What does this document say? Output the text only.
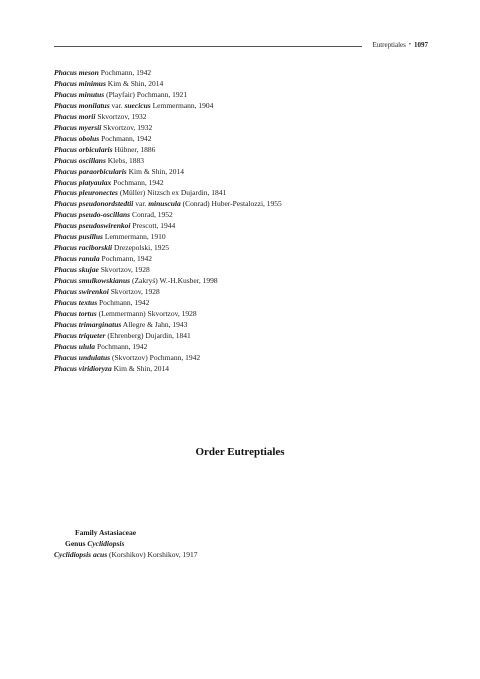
Eutreptiales • 1097
Phacus meson Pochmann, 1942
Phacus minimus Kim & Shin, 2014
Phacus minutus (Playfair) Pochmann, 1921
Phacus monilatus var. suecicus Lemmermann, 1904
Phacus morii Skvortzov, 1932
Phacus myersii Skvortzov, 1932
Phacus obolus Pochmann, 1942
Phacus orbicularis Hübner, 1886
Phacus oscillans Klebs, 1883
Phacus paraorbicularis Kim & Shin, 2014
Phacus platyaulax Pochmann, 1942
Phacus pleuronectes (Müller) Nitzsch ex Dujardin, 1841
Phacus pseudonordstedtii var. minuscula (Conrad) Huber-Pestalozzi, 1955
Phacus pseudo-oscillans Conrad, 1952
Phacus pseudoswirenkoi Prescott, 1944
Phacus pusillus Lemmermann, 1910
Phacus raciborskii Drezepolski, 1925
Phacus ranula Pochmann, 1942
Phacus skujae Skvortzov, 1928
Phacus smulkowskianus (Zakryś) W.-H.Kusber, 1998
Phacus swirenkoi Skvortzov, 1928
Phacus textus Pochmann, 1942
Phacus tortus (Lemmermann) Skvortzov, 1928
Phacus trimarginatus Allegre & Jahn, 1943
Phacus triqueter (Ehrenberg) Dujardin, 1841
Phacus ulula Pochmann, 1942
Phacus undulatus (Skvortzov) Pochmann, 1942
Phacus viridioryza Kim & Shin, 2014
Order Eutreptiales
Family Astasiaceae
Genus Cyclidiopsis
Cyclidiopsis acus (Korshikov) Korshikov, 1917
